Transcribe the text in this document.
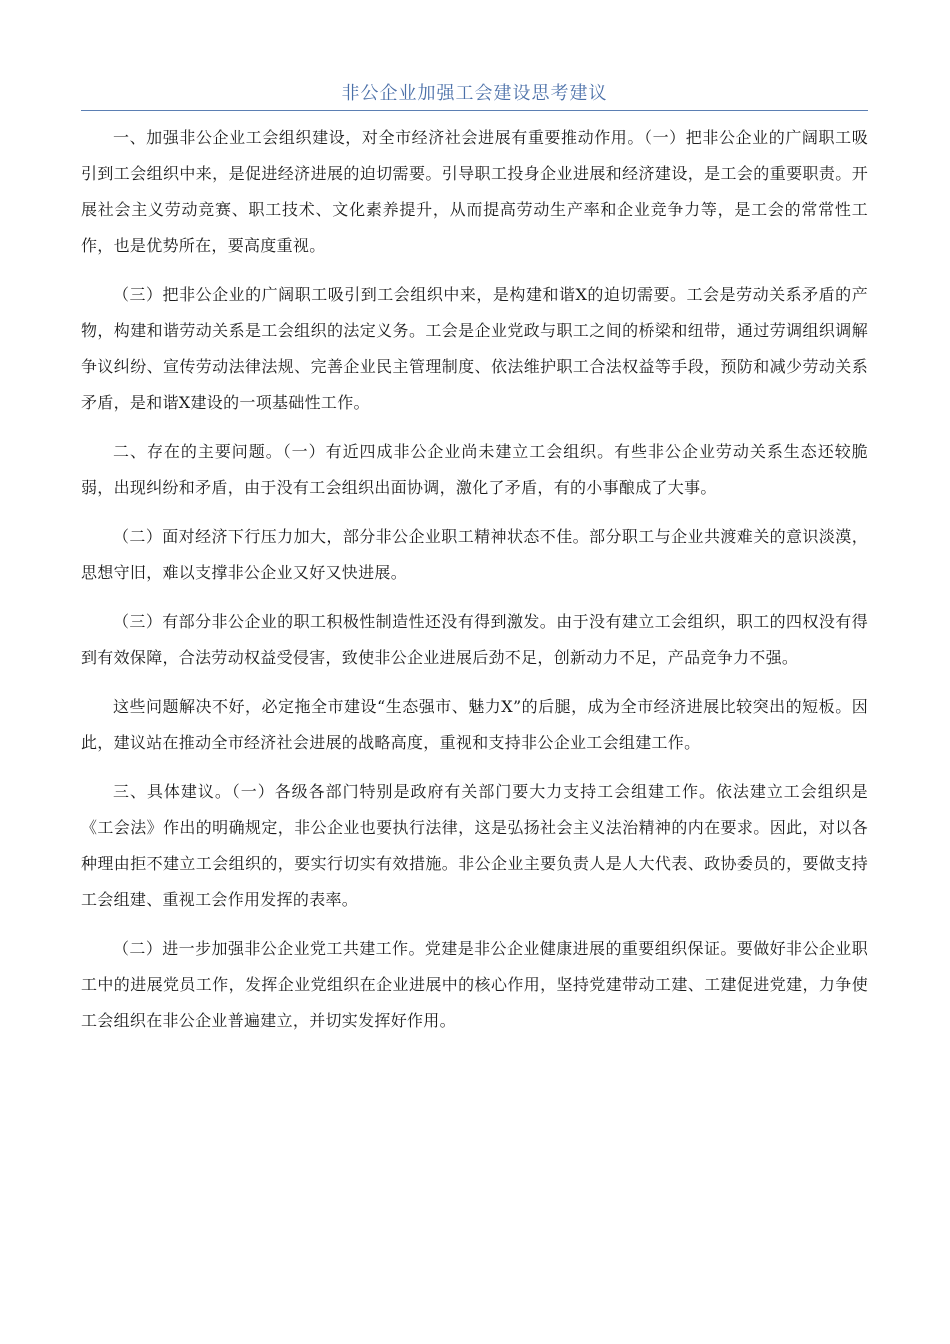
非公企业加强工会建设思考建议

一、加强非公企业工会组织建设，对全市经济社会进展有重要推动作用。（一）把非公企业的广阔职工吸引到工会组织中来，是促进经济进展的迫切需要。引导职工投身企业进展和经济建设，是工会的重要职责。开展社会主义劳动竞赛、职工技术、文化素养提升，从而提高劳动生产率和企业竞争力等，是工会的常常性工作，也是优势所在，要高度重视。

（三）把非公企业的广阔职工吸引到工会组织中来，是构建和谐X的迫切需要。工会是劳动关系矛盾的产物，构建和谐劳动关系是工会组织的法定义务。工会是企业党政与职工之间的桥梁和纽带，通过劳调组织调解争议纠纷、宣传劳动法律法规、完善企业民主管理制度、依法维护职工合法权益等手段，预防和减少劳动关系矛盾，是和谐X建设的一项基础性工作。

二、存在的主要问题。（一）有近四成非公企业尚未建立工会组织。有些非公企业劳动关系生态还较脆弱，出现纠纷和矛盾，由于没有工会组织出面协调，激化了矛盾，有的小事酿成了大事。

（二）面对经济下行压力加大，部分非公企业职工精神状态不佳。部分职工与企业共渡难关的意识淡漠，思想守旧，难以支撑非公企业又好又快进展。

（三）有部分非公企业的职工积极性制造性还没有得到激发。由于没有建立工会组织，职工的四权没有得到有效保障，合法劳动权益受侵害，致使非公企业进展后劲不足，创新动力不足，产品竞争力不强。

这些问题解决不好，必定拖全市建设“生态强市、魅力X”的后腿，成为全市经济进展比较突出的短板。因此，建议站在推动全市经济社会进展的战略高度，重视和支持非公企业工会组建工作。

三、具体建议。（一）各级各部门特别是政府有关部门要大力支持工会组建工作。依法建立工会组织是《工会法》作出的明确规定，非公企业也要执行法律，这是弘扬社会主义法治精神的内在要求。因此，对以各种理由拒不建立工会组织的，要实行切实有效措施。非公企业主要负责人是人大代表、政协委员的，要做支持工会组建、重视工会作用发挥的表率。

（二）进一步加强非公企业党工共建工作。党建是非公企业健康进展的重要组织保证。要做好非公企业职工中的进展党员工作，发挥企业党组织在企业进展中的核心作用，坚持党建带动工建、工建促进党建，力争使工会组织在非公企业普遍建立，并切实发挥好作用。
